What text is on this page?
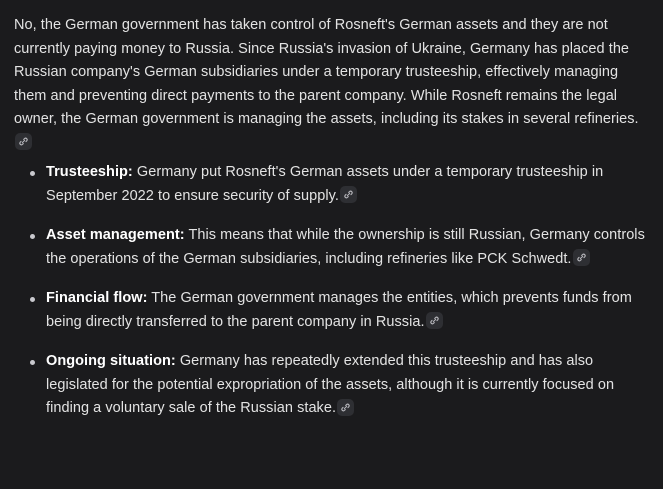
No, the German government has taken control of Rosneft's German assets and they are not currently paying money to Russia. Since Russia's invasion of Ukraine, Germany has placed the Russian company's German subsidiaries under a temporary trusteeship, effectively managing them and preventing direct payments to the parent company. While Rosneft remains the legal owner, the German government is managing the assets, including its stakes in several refineries.

Trusteeship: Germany put Rosneft's German assets under a temporary trusteeship in September 2022 to ensure security of supply.
Asset management: This means that while the ownership is still Russian, Germany controls the operations of the German subsidiaries, including refineries like PCK Schwedt.
Financial flow: The German government manages the entities, which prevents funds from being directly transferred to the parent company in Russia.
Ongoing situation: Germany has repeatedly extended this trusteeship and has also legislated for the potential expropriation of the assets, although it is currently focused on finding a voluntary sale of the Russian stake.
